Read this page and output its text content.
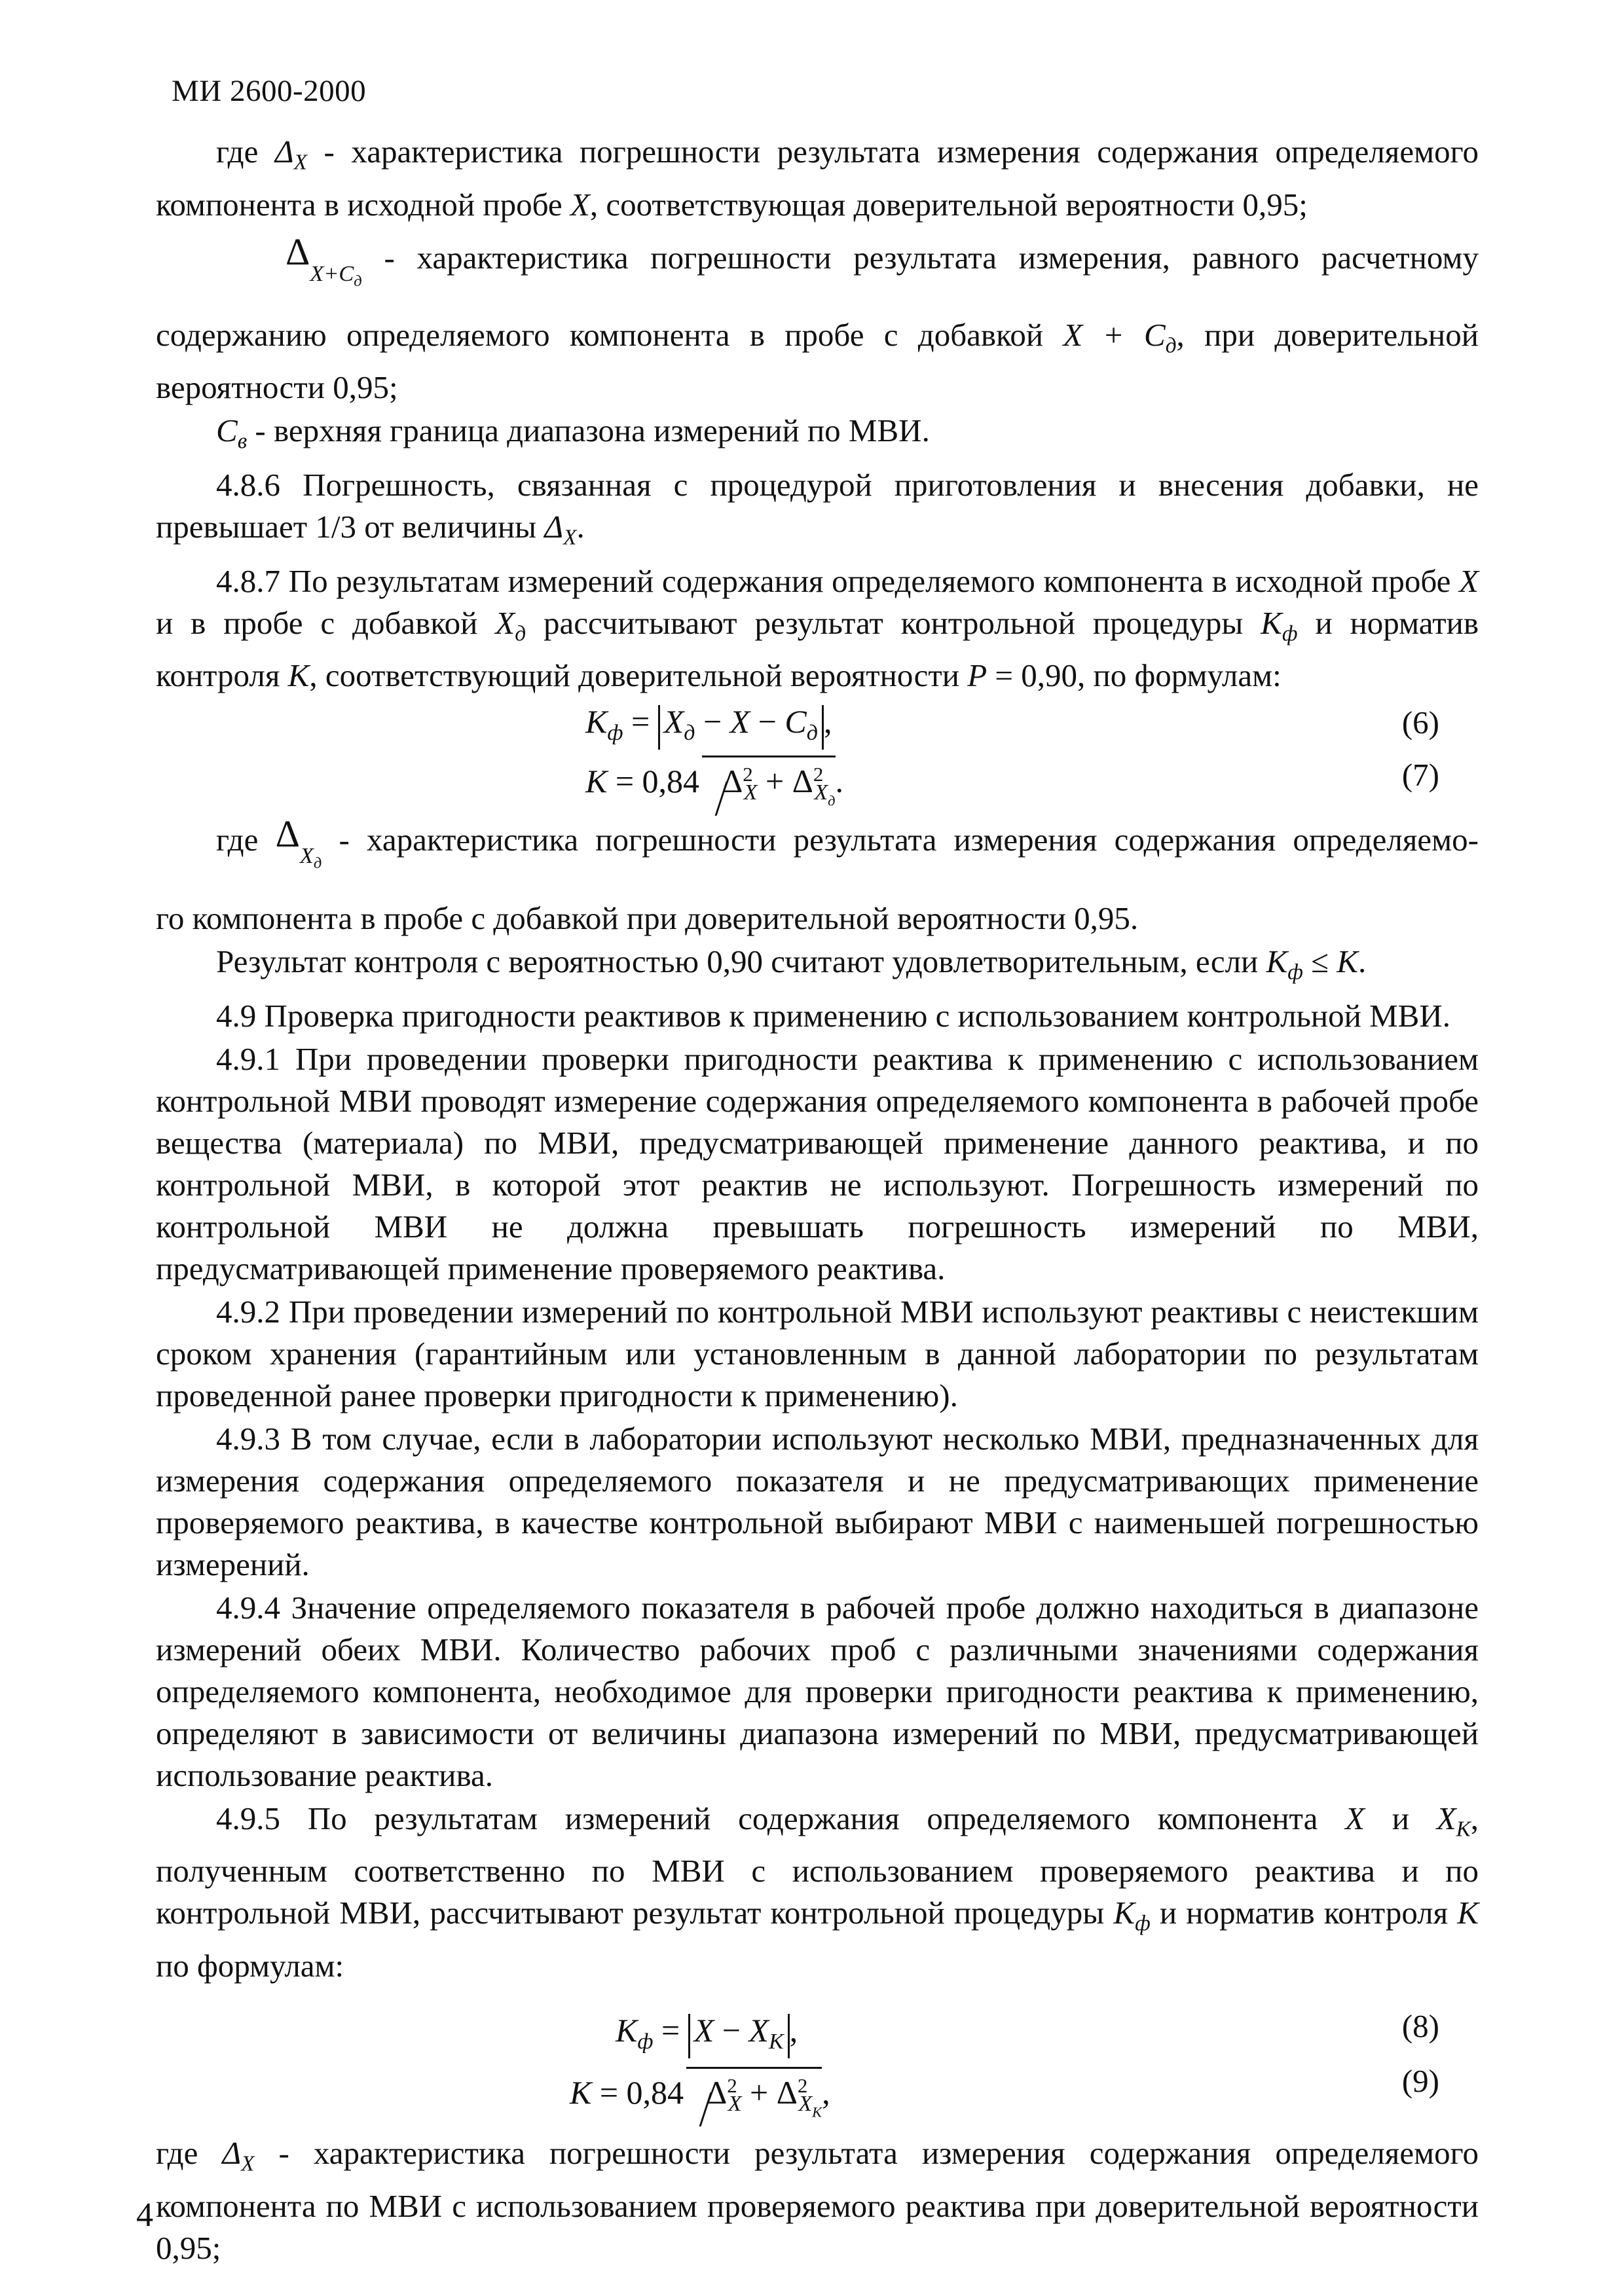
МИ 2600-2000

где $\Delta_X$ - характеристика погрешности результата измерения содержания определяемого компонента в исходной пробе X, соответствующая доверительной вероятности 0,95;

$\Delta_{X+Cд}$ - характеристика погрешности результата измерения, равного расчетному

содержанию определяемого компонента в пробе с добавкой $X + C_д$, при доверительной вероятности 0,95;

$C_в$ - верхняя граница диапазона измерений по МВИ.

4.8.6 Погрешность, связанная с процедурой приготовления и внесения добавки, не превышает 1/3 от величины $\Delta_X$.

4.8.7 По результатам измерений содержания определяемого компонента в исходной пробе X и в пробе с добавкой $X_д$ рассчитывают результат контрольной процедуры $K_ф$ и норматив контроля K, соответствующий доверительной вероятности P = 0,90, по формулам:

$K_ф = X_д - X - C_д$ ,	(6)
K = 0,84 $\Delta^2_X + \Delta^2_{Xд}$.	(7)

где $\Delta_{Xд}$ - характеристика погрешности результата измерения содержания определяемо-

го компонента в пробе с добавкой при доверительной вероятности 0,95.

Результат контроля с вероятностью 0,90 считают удовлетворительным, если $K_ф \le K$.

4.9 Проверка пригодности реактивов к применению с использованием контрольной МВИ.

4.9.1 При проведении проверки пригодности реактива к применению с использованием контрольной МВИ проводят измерение содержания определяемого компонента в рабочей пробе вещества (материала) по МВИ, предусматривающей применение данного реактива, и по контрольной МВИ, в которой этот реактив не используют. Погрешность измерений по контрольной МВИ не должна превышать погрешность измерений по МВИ, предусматривающей применение проверяемого реактива.

4.9.2 При проведении измерений по контрольной МВИ используют реактивы с неистекшим сроком хранения (гарантийным или установленным в данной лаборатории по результатам проведенной ранее проверки пригодности к применению).

4.9.3 В том случае, если в лаборатории используют несколько МВИ, предназначенных для измерения содержания определяемого показателя и не предусматривающих применение проверяемого реактива, в качестве контрольной выбирают МВИ с наименьшей погрешностью измерений.

4.9.4 Значение определяемого показателя в рабочей пробе должно находиться в диапазоне измерений обеих МВИ. Количество рабочих проб с различными значениями содержания определяемого компонента, необходимое для проверки пригодности реактива к применению, определяют в зависимости от величины диапазона измерений по МВИ, предусматривающей использование реактива.

4.9.5 По результатам измерений содержания определяемого компонента X и $X_К$, полученным соответственно по МВИ с использованием проверяемого реактива и по контрольной МВИ, рассчитывают результат контрольной процедуры $K_ф$ и норматив контроля K по формулам:

$K_ф = X - X_К$ ,	(8)
K = 0,84 $\Delta^2_X + \Delta^2_{XК}$,	(9)

где $\Delta_X$ - характеристика погрешности результата измерения содержания определяемого компонента по МВИ с использованием проверяемого реактива при доверительной вероятности 0,95;

4
